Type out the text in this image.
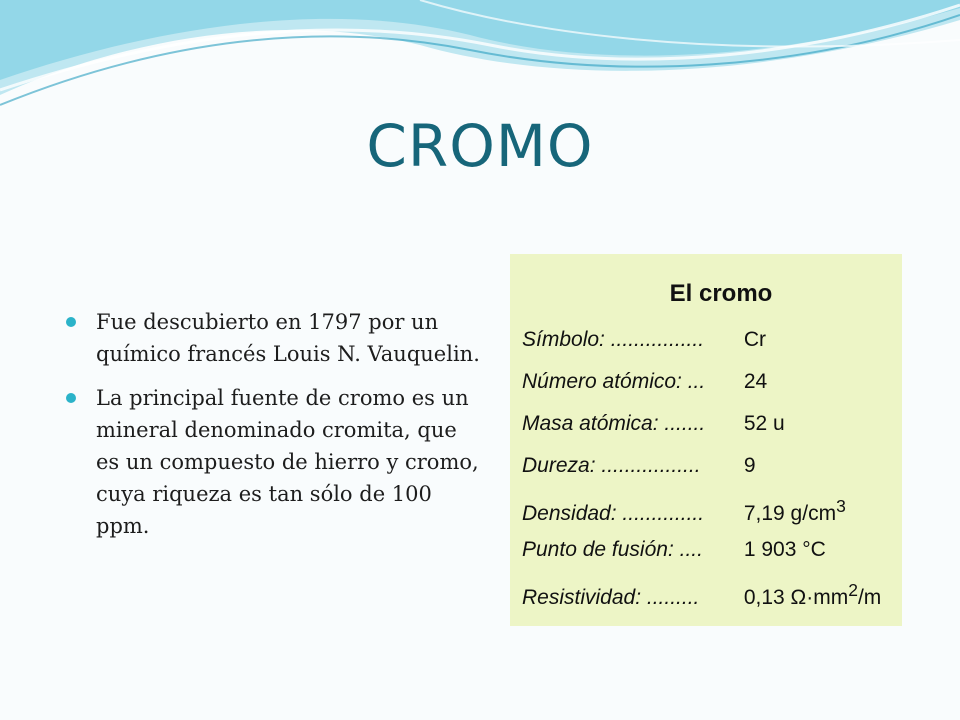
CROMO
Fue descubierto en 1797 por un químico francés Louis N. Vauquelin.
La principal fuente de cromo es un mineral denominado cromita, que es un compuesto de hierro y cromo, cuya riqueza es tan sólo de 100 ppm.
El cromo
Símbolo: ................ Cr
Número atómico: ... 24
Masa atómica: ....... 52 u
Dureza: ................. 9
Densidad: .............. 7,19 $g/cm^3$
Punto de fusión: .... 1 903 °C
Resistividad: ......... 0,13 $\Omega\cdot mm^2/m$
